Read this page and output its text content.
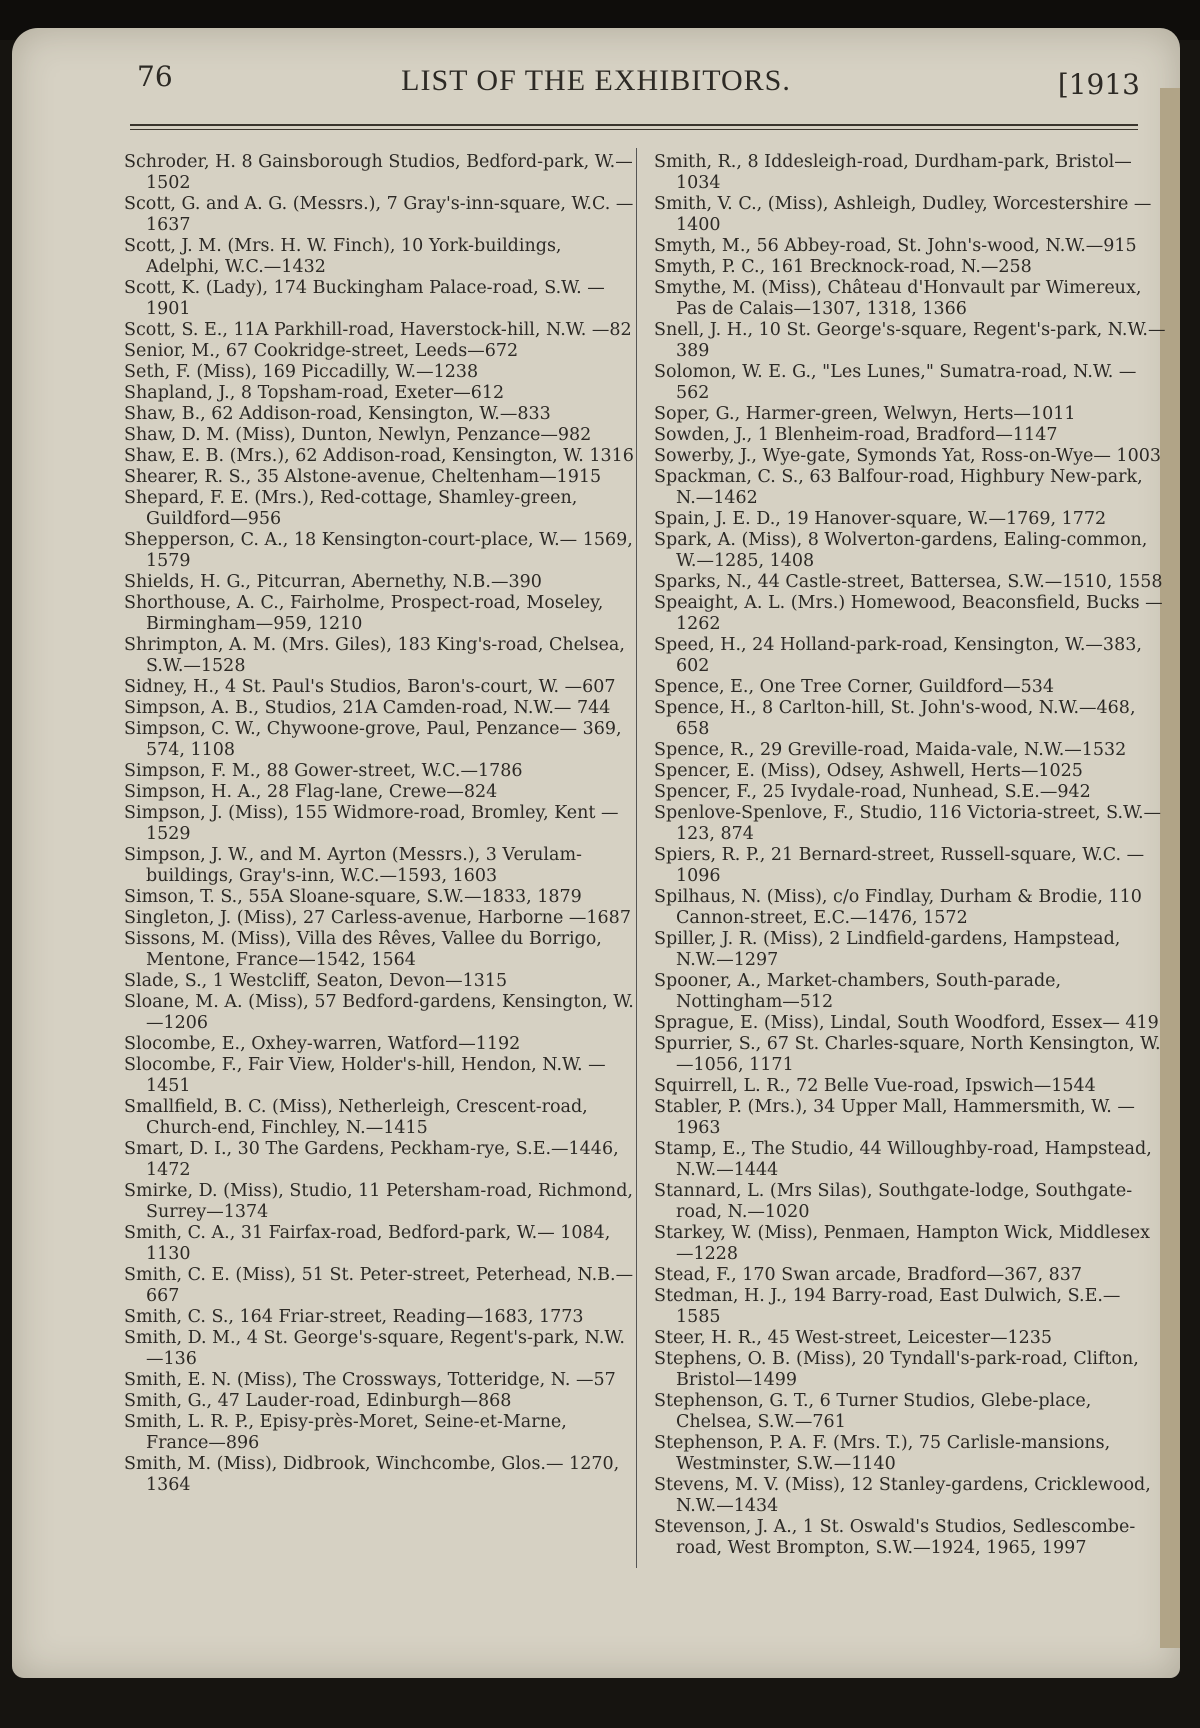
76	LIST OF THE EXHIBITORS.	[1913

Schroder, H. 8 Gainsborough Studios, Bedford-park, W.—1502

Scott, G. and A. G. (Messrs.), 7 Gray's-inn-square, W.C. —1637

Scott, J. M. (Mrs. H. W. Finch), 10 York-buildings, Adelphi, W.C.—1432

Scott, K. (Lady), 174 Buckingham Palace-road, S.W. —1901

Scott, S. E., 11A Parkhill-road, Haverstock-hill, N.W. —82

Senior, M., 67 Cookridge-street, Leeds—672

Seth, F. (Miss), 169 Piccadilly, W.—1238

Shapland, J., 8 Topsham-road, Exeter—612

Shaw, B., 62 Addison-road, Kensington, W.—833

Shaw, D. M. (Miss), Dunton, Newlyn, Penzance—982

Shaw, E. B. (Mrs.), 62 Addison-road, Kensington, W. 1316

Shearer, R. S., 35 Alstone-avenue, Cheltenham—1915

Shepard, F. E. (Mrs.), Red-cottage, Shamley-green, Guildford—956

Shepperson, C. A., 18 Kensington-court-place, W.— 1569, 1579

Shields, H. G., Pitcurran, Abernethy, N.B.—390

Shorthouse, A. C., Fairholme, Prospect-road, Moseley, Birmingham—959, 1210

Shrimpton, A. M. (Mrs. Giles), 183 King's-road, Chelsea, S.W.—1528

Sidney, H., 4 St. Paul's Studios, Baron's-court, W. —607

Simpson, A. B., Studios, 21A Camden-road, N.W.— 744

Simpson, C. W., Chywoone-grove, Paul, Penzance— 369, 574, 1108

Simpson, F. M., 88 Gower-street, W.C.—1786

Simpson, H. A., 28 Flag-lane, Crewe—824

Simpson, J. (Miss), 155 Widmore-road, Bromley, Kent —1529

Simpson, J. W., and M. Ayrton (Messrs.), 3 Verulam-buildings, Gray's-inn, W.C.—1593, 1603

Simson, T. S., 55A Sloane-square, S.W.—1833, 1879

Singleton, J. (Miss), 27 Carless-avenue, Harborne —1687

Sissons, M. (Miss), Villa des Rêves, Vallee du Borrigo, Mentone, France—1542, 1564

Slade, S., 1 Westcliff, Seaton, Devon—1315

Sloane, M. A. (Miss), 57 Bedford-gardens, Kensington, W.—1206

Slocombe, E., Oxhey-warren, Watford—1192

Slocombe, F., Fair View, Holder's-hill, Hendon, N.W. —1451

Smallfield, B. C. (Miss), Netherleigh, Crescent-road, Church-end, Finchley, N.—1415

Smart, D. I., 30 The Gardens, Peckham-rye, S.E.—1446, 1472

Smirke, D. (Miss), Studio, 11 Petersham-road, Richmond, Surrey—1374

Smith, C. A., 31 Fairfax-road, Bedford-park, W.— 1084, 1130

Smith, C. E. (Miss), 51 St. Peter-street, Peterhead, N.B.—667

Smith, C. S., 164 Friar-street, Reading—1683, 1773

Smith, D. M., 4 St. George's-square, Regent's-park, N.W.—136

Smith, E. N. (Miss), The Crossways, Totteridge, N. —57

Smith, G., 47 Lauder-road, Edinburgh—868

Smith, L. R. P., Episy-près-Moret, Seine-et-Marne, France—896

Smith, M. (Miss), Didbrook, Winchcombe, Glos.— 1270, 1364

Smith, R., 8 Iddesleigh-road, Durdham-park, Bristol— 1034

Smith, V. C., (Miss), Ashleigh, Dudley, Worcestershire —1400

Smyth, M., 56 Abbey-road, St. John's-wood, N.W.—915

Smyth, P. C., 161 Brecknock-road, N.—258

Smythe, M. (Miss), Château d'Honvault par Wimereux, Pas de Calais—1307, 1318, 1366

Snell, J. H., 10 St. George's-square, Regent's-park, N.W.—389

Solomon, W. E. G., "Les Lunes," Sumatra-road, N.W. —562

Soper, G., Harmer-green, Welwyn, Herts—1011

Sowden, J., 1 Blenheim-road, Bradford—1147

Sowerby, J., Wye-gate, Symonds Yat, Ross-on-Wye— 1003

Spackman, C. S., 63 Balfour-road, Highbury New-park, N.—1462

Spain, J. E. D., 19 Hanover-square, W.—1769, 1772

Spark, A. (Miss), 8 Wolverton-gardens, Ealing-common, W.—1285, 1408

Sparks, N., 44 Castle-street, Battersea, S.W.—1510, 1558

Speaight, A. L. (Mrs.) Homewood, Beaconsfield, Bucks —1262

Speed, H., 24 Holland-park-road, Kensington, W.—383, 602

Spence, E., One Tree Corner, Guildford—534

Spence, H., 8 Carlton-hill, St. John's-wood, N.W.—468, 658

Spence, R., 29 Greville-road, Maida-vale, N.W.—1532

Spencer, E. (Miss), Odsey, Ashwell, Herts—1025

Spencer, F., 25 Ivydale-road, Nunhead, S.E.—942

Spenlove-Spenlove, F., Studio, 116 Victoria-street, S.W.—123, 874

Spiers, R. P., 21 Bernard-street, Russell-square, W.C. —1096

Spilhaus, N. (Miss), c/o Findlay, Durham & Brodie, 110 Cannon-street, E.C.—1476, 1572

Spiller, J. R. (Miss), 2 Lindfield-gardens, Hampstead, N.W.—1297

Spooner, A., Market-chambers, South-parade, Nottingham—512

Sprague, E. (Miss), Lindal, South Woodford, Essex— 419

Spurrier, S., 67 St. Charles-square, North Kensington, W.—1056, 1171

Squirrell, L. R., 72 Belle Vue-road, Ipswich—1544

Stabler, P. (Mrs.), 34 Upper Mall, Hammersmith, W. —1963

Stamp, E., The Studio, 44 Willoughby-road, Hampstead, N.W.—1444

Stannard, L. (Mrs Silas), Southgate-lodge, Southgate-road, N.—1020

Starkey, W. (Miss), Penmaen, Hampton Wick, Middlesex—1228

Stead, F., 170 Swan arcade, Bradford—367, 837

Stedman, H. J., 194 Barry-road, East Dulwich, S.E.— 1585

Steer, H. R., 45 West-street, Leicester—1235

Stephens, O. B. (Miss), 20 Tyndall's-park-road, Clifton, Bristol—1499

Stephenson, G. T., 6 Turner Studios, Glebe-place, Chelsea, S.W.—761

Stephenson, P. A. F. (Mrs. T.), 75 Carlisle-mansions, Westminster, S.W.—1140

Stevens, M. V. (Miss), 12 Stanley-gardens, Cricklewood, N.W.—1434

Stevenson, J. A., 1 St. Oswald's Studios, Sedlescombe-road, West Brompton, S.W.—1924, 1965, 1997
